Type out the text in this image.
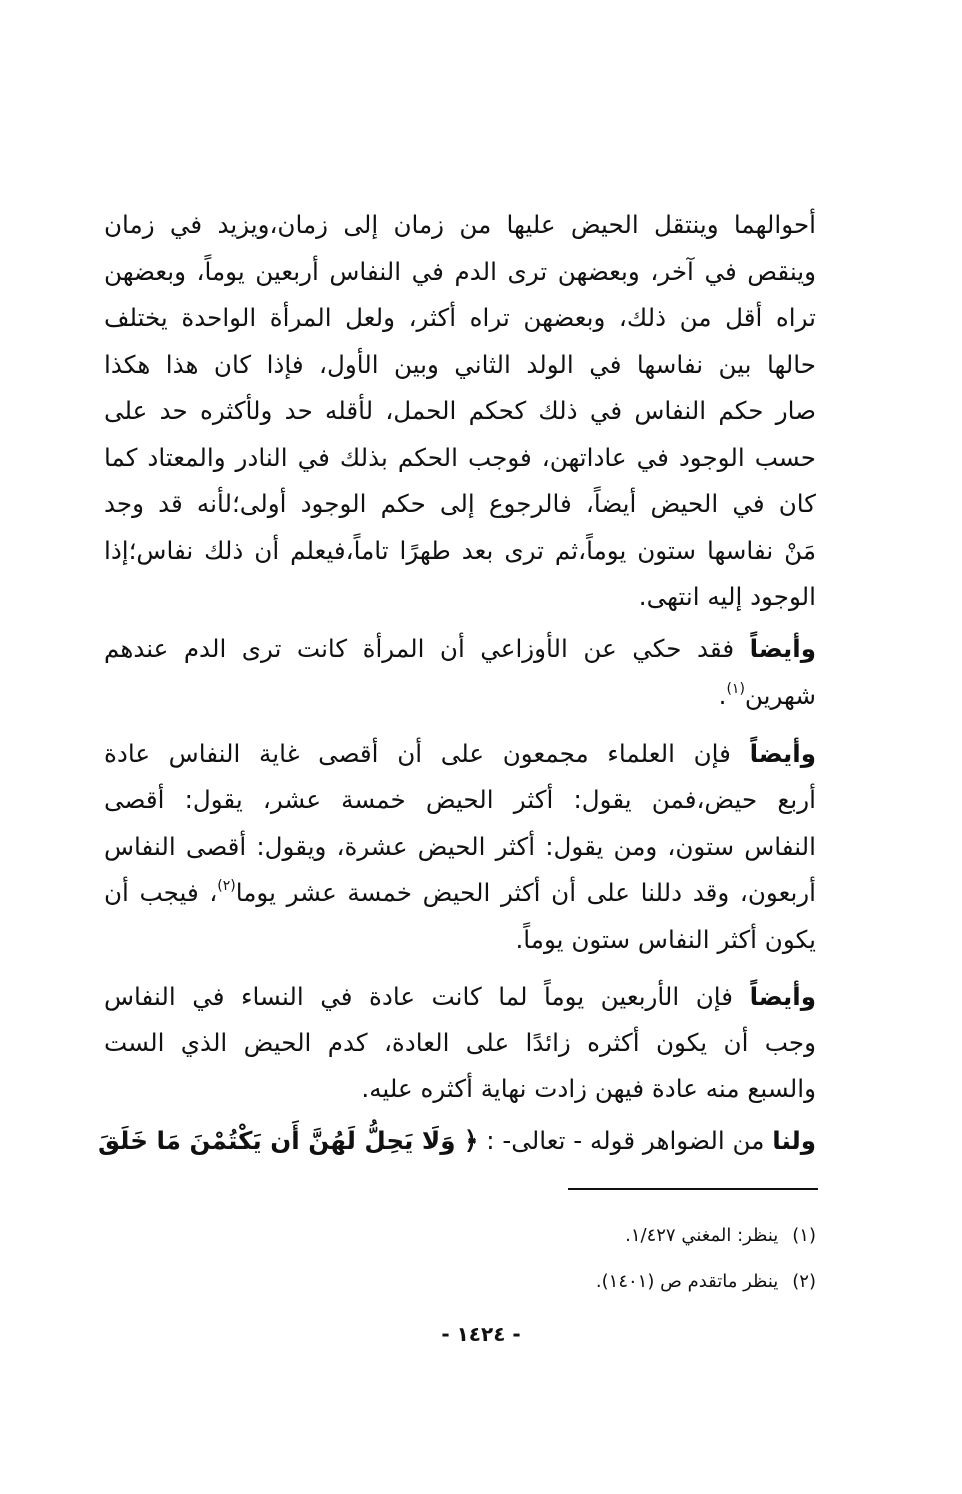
أحوالهما وينتقل الحيض عليها من زمان إلى زمان،ويزيد في زمان
وينقص في آخر، وبعضهن ترى الدم في النفاس أربعين يوماً، وبعضهن
تراه أقل من ذلك، وبعضهن تراه أكثر، ولعل المرأة الواحدة يختلف
حالها بين نفاسها في الولد الثاني وبين الأول، فإذا كان هذا هكذا
صار حكم النفاس في ذلك كحكم الحمل، لأقله حد ولأكثره حد على
حسب الوجود في عاداتهن، فوجب الحكم بذلك في النادر والمعتاد كما
كان في الحيض أيضاً، فالرجوع إلى حكم الوجود أولى؛لأنه قد وجد
مَنْ نفاسها ستون يوماً،ثم ترى بعد طهرًا تاماً،فيعلم أن ذلك نفاس؛إذا
الوجود إليه انتهى.
وأيضاً فقد حكي عن الأوزاعي أن المرأة كانت ترى الدم عندهم
شهرين$^{(١)}$.
وأيضاً فإن العلماء مجمعون على أن أقصى غاية النفاس عادة
أربع حيض،فمن يقول: أكثر الحيض خمسة عشر، يقول: أقصى
النفاس ستون، ومن يقول: أكثر الحيض عشرة، ويقول: أقصى النفاس
أربعون، وقد دللنا على أن أكثر الحيض خمسة عشر يوما$^{(٢)}$، فيجب أن
يكون أكثر النفاس ستون يوماً.
وأيضاً فإن الأربعين يوماً لما كانت عادة في النساء في النفاس
وجب أن يكون أكثره زائدًا على العادة، كدم الحيض الذي الست
والسبع منه عادة فيهن زادت نهاية أكثره عليه.
ولنا من الضواهر قوله - تعالى- : ﴿ وَلَا يَحِلُّ لَهُنَّ أَن يَكْتُمْنَ مَا خَلَقَ
(١)ينظر: المغني ١/٤٢٧.
(٢)ينظر ماتقدم ص (١٤٠١).
- ١٤٢٤ -
